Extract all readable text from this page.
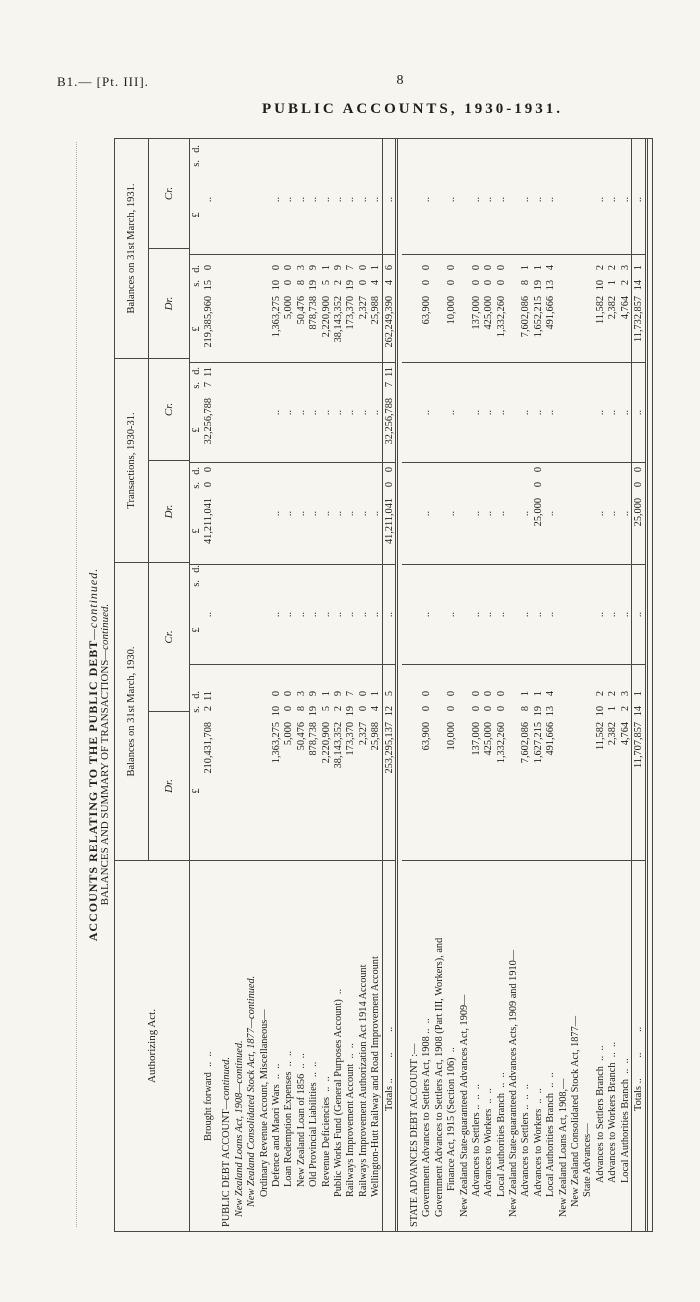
B1.— [Pt. III].	8
PUBLIC ACCOUNTS, 1930-1931.
ACCOUNTS RELATING TO THE PUBLIC DEBT—continued.
BALANCES AND SUMMARY OF TRANSACTIONS—continued.
Authorizing Act.
Balances on 31st March, 1930.
Dr.
Cr.
Transactions, 1930-31.
Dr.
Cr.
Balances on 31st March, 1931.	Dr.
Cr.
£
s.
d.
£
s.
d.
£
s.
d.
£
s.
d.
£
s.
d.
£
s.
d.
Brought forward  ..  ..
210,431,708
2
11
..
41,211,041
0
0
32,256,788
7
11
219,385,960
15
0
..
PUBLIC DEBT ACCOUNT—continued. New Zealand Loans Act, 1908—continued. New Zealand Consolidated Stock Act, 1877—continued. Ordinary Revenue Account, Miscellaneous— Defence and Maori Wars  ..  ..
1,363,275
10
0
..
..
..
1,363,275
10
0
..
Loan Redemption Expenses  ..  ..
5,000
0
0
..
..
..
5,000
0
0
..
New Zealand Loan of 1856  ..  ..
50,476
8
3
..
..
..
50,476
8
3
..
Old Provincial Liabilities  ..  ..
878,738
19
9
..
..
..
878,738
19
9
..
Revenue Deficiencies  ..  ..
2,220,900
5
1
..
..
..
2,220,900
5
1
..
Public Works Fund (General Purposes Account)  ..
38,143,352
2
9
..
..
..
38,143,352
2
9
..
Railways Improvement Account  ..  ..
173,370
19
7
..
..
..
173,370
19
7
..
Railways Improvement Authorization Act 1914 Account
2,327
0
0
..
..
..
2,327
0
0
..
Wellington-Hutt Railway and Road Improvement Account
25,988
4
1
..
..
..
25,988
4
1
..
Totals ..        ..        ..
253,295,137
12
5
..
41,211,041
0
0
32,256,788
7
11
262,249,390
4
6
..
STATE ADVANCES DEBT ACCOUNT :— Government Advances to Settlers Act, 1908 ..  ..
63,900
0
0
..
..
..
63,900
0
0
..
Government Advances to Settlers Act, 1908 (Part III, Workers), and Finance Act, 1915 (Section 106)  ..
10,000
0
0
..
..
..
10,000
0
0
..
New Zealand State-guaranteed Advances Act, 1909— Advances to Settlers ..  ..  ..
137,000
0
0
..
..
..
137,000
0
0
..
Advances to Workers  ..  ..
425,000
0
0
..
..
..
425,000
0
0
..
Local Authorities Branch  ..  ..
1,332,260
0
0
..
..
..
1,332,260
0
0
..
New Zealand State-guaranteed Advances Acts, 1909 and 1910— Advances to Settlers ..  ..  ..
7,602,086
8
1
..
..
..
7,602,086
8
1
..
Advances to Workers  ..  ..
1,627,215
19
1
..
25,000
0
0
..
1,652,215
19
1
..
Local Authorities Branch  ..  ..
491,666
13
4
..
..
..
491,666
13
4
..
New Zealand Loans Act, 1908,— New Zealand Consolidated Stock Act, 1877— State Advances— Advances to Settlers Branch  ..  ..
11,582
10
2
..
..
..
11,582
10
2
..
Advances to Workers Branch  ..  ..
2,382
1
2
..
..
..
2,382
1
2
..
Local Authorities Branch  ..  ..
4,764
2
3
..
..
..
4,764
2
3
..
Totals ..        ..        ..
11,707,857
14
1
..
25,000
0
0
..
11,732,857
14
1
..
